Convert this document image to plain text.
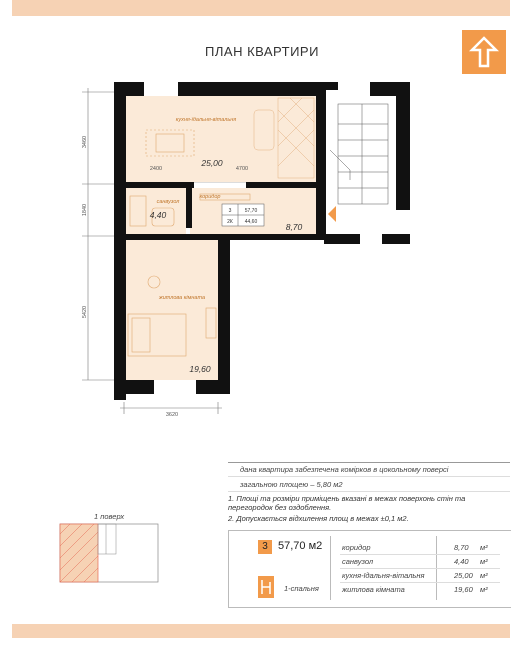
ПЛАН КВАРТИРИ
кухня-їдальня-вітальня
коридор
санвузол
житлова кімната
25,00
8,70
4,40
19,60
3	57,70
2К 44,60
3460
1840
5420
3620
2400	4700
дана квартира забезпечена комірков в цокольному поверсі
загальною площею – 5,80 м2
1. Площі та розміри приміщень вказані в межах поверхонь стін та перегородок без оздоблення.
2. Допускається відхилення площ в межах ±0,1 м2.
1 поверх
3 57,70 м2
1-спальня
коридор	8,70 м²
санвузол	4,40 м²
кухня-їдальня-вітальня	25,00 м²
житлова кімната	19,60 м²
